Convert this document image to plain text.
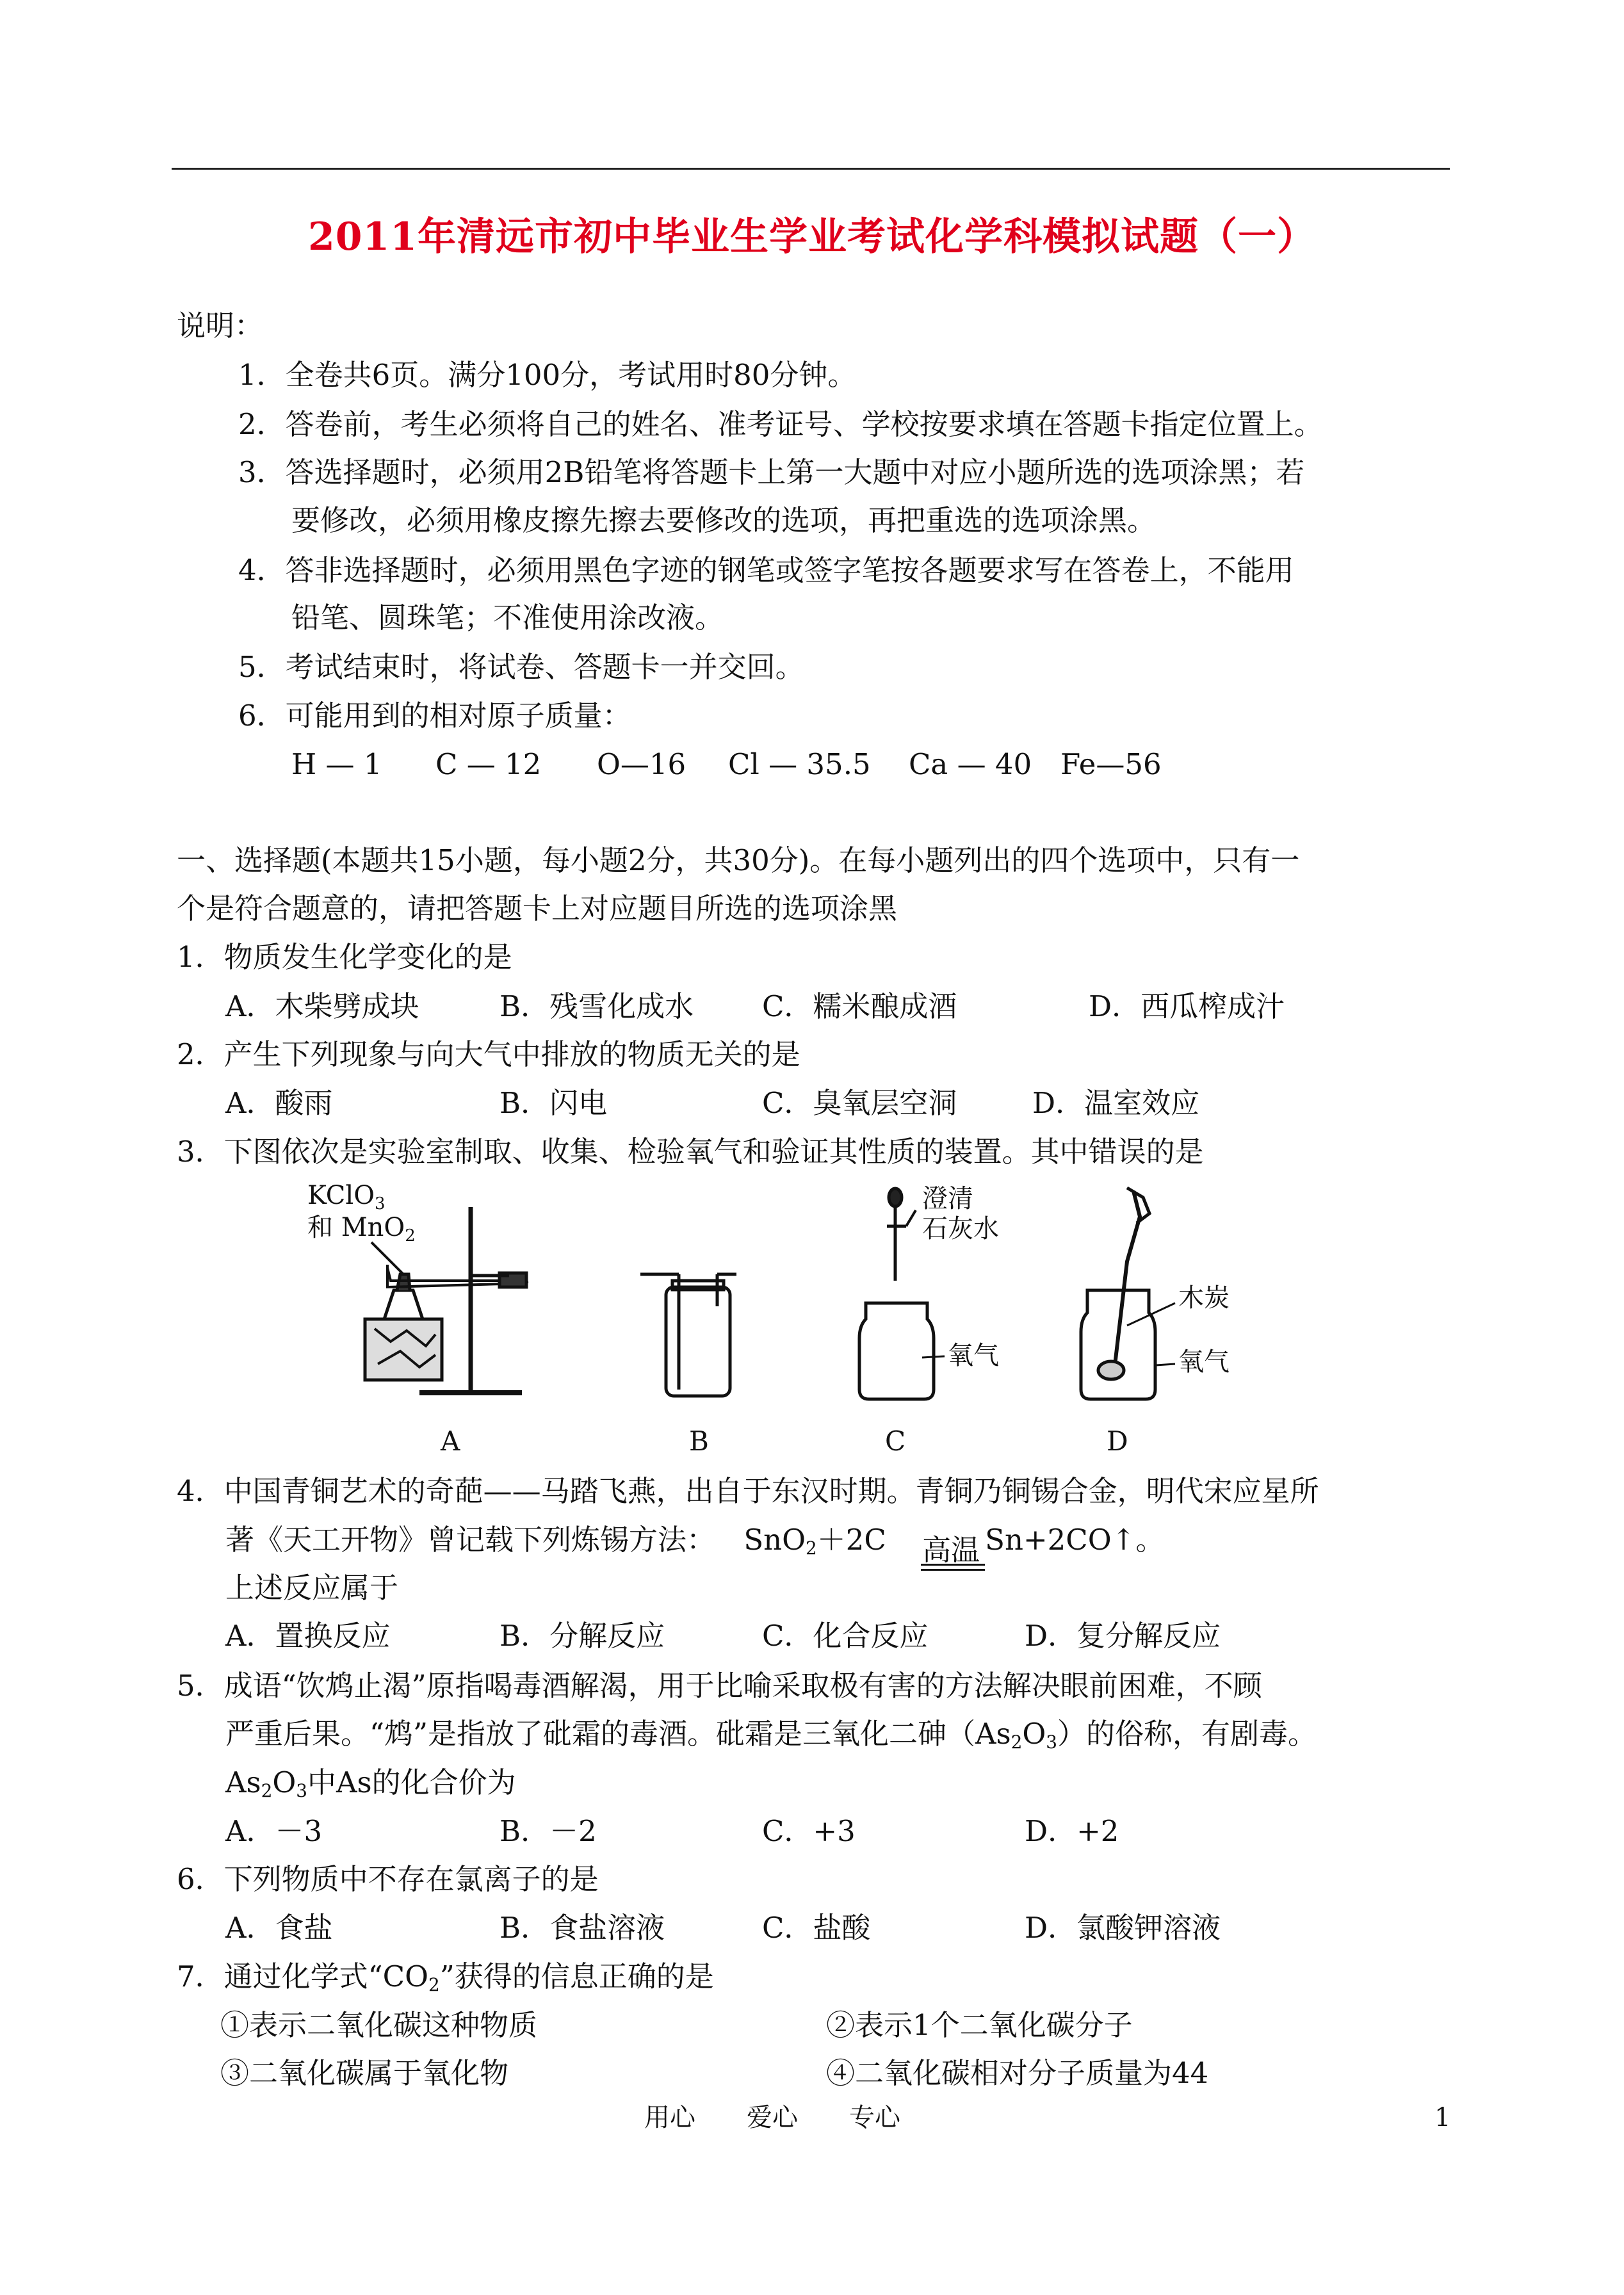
2011年清远市初中毕业生学业考试化学科模拟试题（一）
说明：
1．全卷共6页。满分100分，考试用时80分钟。
2．答卷前，考生必须将自己的姓名、准考证号、学校按要求填在答题卡指定位置上。
3．答选择题时，必须用2B铅笔将答题卡上第一大题中对应小题所选的选项涂黑；若
要修改，必须用橡皮擦先擦去要修改的选项，再把重选的选项涂黑。
4．答非选择题时，必须用黑色字迹的钢笔或签字笔按各题要求写在答卷上，不能用
铅笔、圆珠笔；不准使用涂改液。
5．考试结束时，将试卷、答题卡一并交回。
6．可能用到的相对原子质量：
H — 1 C — 12 O—16 Cl — 35.5 Ca — 40 Fe—56
一、选择题(本题共15小题，每小题2分，共30分)。在每小题列出的四个选项中，只有一
个是符合题意的，请把答题卡上对应题目所选的选项涂黑
1．物质发生化学变化的是
A．木柴劈成块	B．残雪化成水 C．糯米酿成酒	D．西瓜榨成汁
2．产生下列现象与向大气中排放的物质无关的是
A．酸雨	B．闪电	C．臭氧层空洞	D．温室效应
3．下图依次是实验室制取、收集、检验氧气和验证其性质的装置。其中错误的是
KClO$_3$
和 MnO$_2$
澄清
石灰水
氧气
木炭
氧气
A	B	C	D
4．中国青铜艺术的奇葩——马踏飞燕，出自于东汉时期。青铜乃铜锡合金，明代宋应星所
著《天工开物》曾记载下列炼锡方法： SnO$_2$＋2C 高温 Sn+2CO↑。
上述反应属于
A．置换反应	B．分解反应	C．化合反应	D．复分解反应
5．成语“饮鸩止渴”原指喝毒酒解渴，用于比喻采取极有害的方法解决眼前困难，不顾
严重后果。“鸩”是指放了砒霜的毒酒。砒霜是三氧化二砷$(As_2O_3)$的俗称，有剧毒。
$As_2O_3$中As的化合价为
A．－3	B．－2	C．+3	D．+2
6．下列物质中不存在氯离子的是
A．食盐	B．食盐溶液	C．盐酸	D．氯酸钾溶液
7．通过化学式“$CO_2$”获得的信息正确的是
①表示二氧化碳这种物质	②表示1个二氧化碳分子
③二氧化碳属于氧化物	④二氧化碳相对分子质量为44
用心　　爱心　　专心	1
